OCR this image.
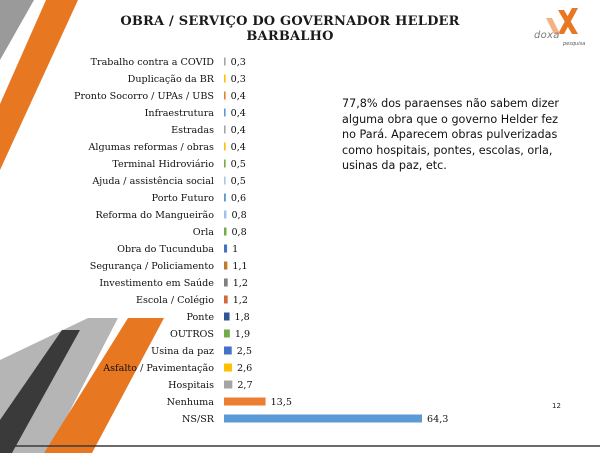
OBRA / SERVIÇO DO GOVERNADOR HELDER BARBALHO	doxa
pesquisa
Trabalho contra a COVID 0,3
Duplicação da BR 0,3
Pronto Socorro / UPAs / UBS 0,4
Infraestrutura 0,4
Estradas 0,4
Algumas reformas / obras 0,4
Terminal Hidroviário 0,5
Ajuda / assistência social 0,5
Porto Futuro 0,6
Reforma do Mangueirão 0,8
Orla 0,8
Obra do Tucunduba 1
Segurança / Policiamento 1,1
Investimento em Saúde 1,2
Escola / Colégio 1,2
Ponte 1,8
OUTROS 1,9
Usina da paz 2,5
Asfalto / Pavimentação 2,6
Hospitais 2,7
Nenhuma	13,5
NS/SR	64,3
77,8% dos paraenses não sabem dizer alguma obra que o governo Helder fez no Pará. Aparecem obras pulverizadas como hospitais, pontes, escolas, orla, usinas da paz, etc.
12
